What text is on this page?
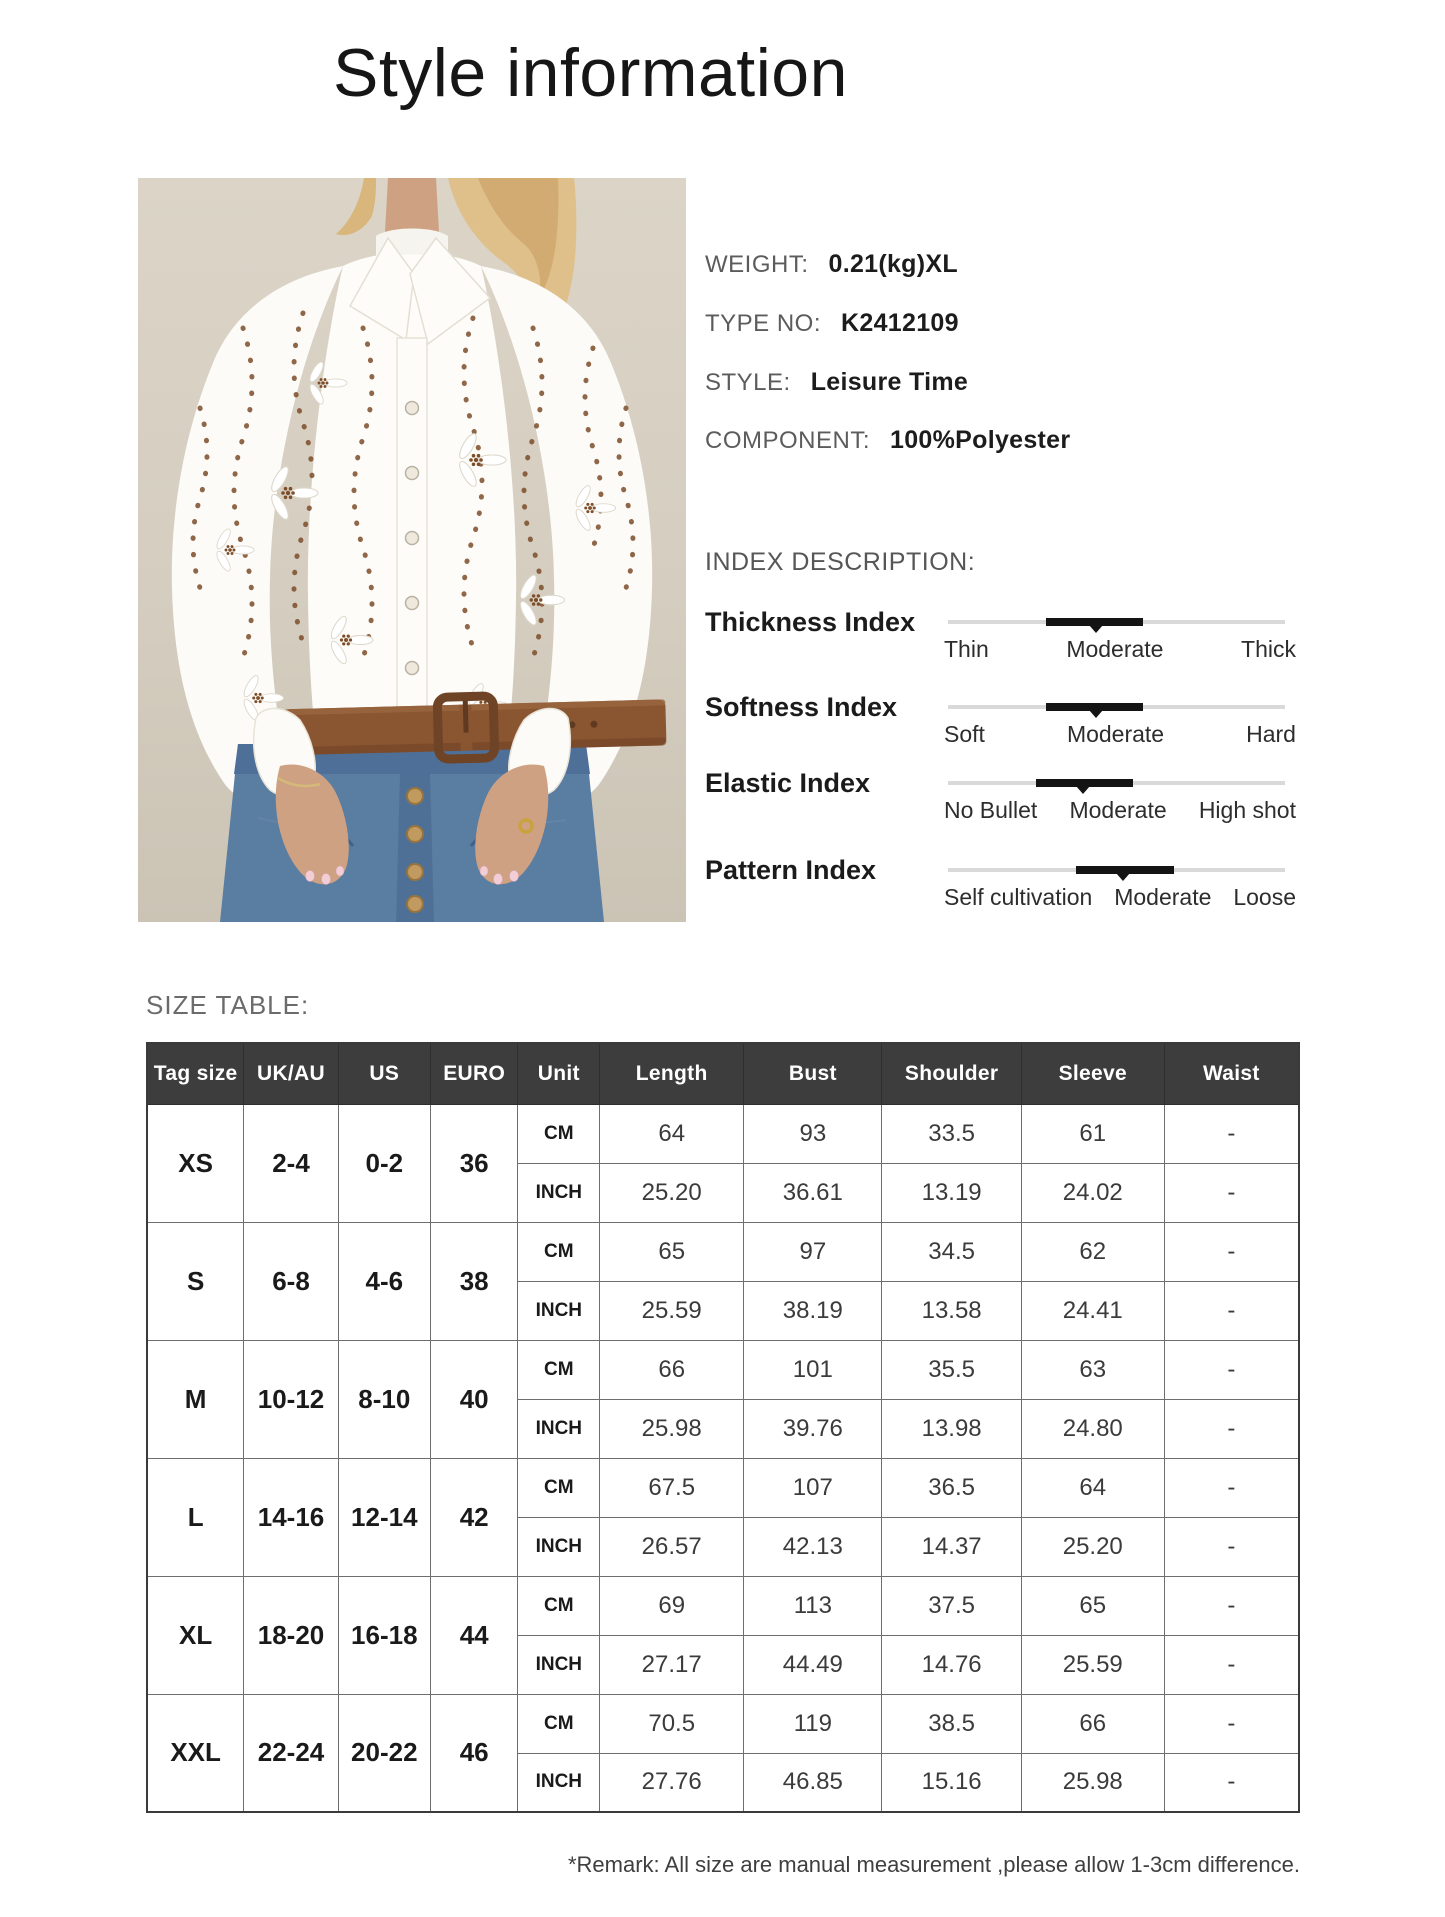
Style information
WEIGHT: 0.21(kg)XL
TYPE NO: K2412109
STYLE: Leisure Time
COMPONENT: 100%Polyester
INDEX DESCRIPTION:
Thickness Index
Thin	Moderate	Thick
Softness Index
Soft	Moderate	Hard
Elastic Index
No Bullet Moderate High shot
Pattern Index
Self cultivation Moderate Loose
SIZE TABLE:
Tag size	UK/AU	US	EURO	Unit	Length	Bust	Shoulder	Sleeve	Waist
XS	2-4	0-2	36	CM	64	93	33.5	61	-
				INCH	25.20	36.61	13.19	24.02	-
S	6-8	4-6	38	CM	65	97	34.5	62	-
				INCH	25.59	38.19	13.58	24.41	-
M	10-12	8-10	40	CM	66	101	35.5	63	-
				INCH	25.98	39.76	13.98	24.80	-
L	14-16	12-14	42	CM	67.5	107	36.5	64	-
				INCH	26.57	42.13	14.37	25.20	-
XL	18-20	16-18	44	CM	69	113	37.5	65	-
				INCH	27.17	44.49	14.76	25.59	-
XXL	22-24	20-22	46	CM	70.5	119	38.5	66	-
				INCH	27.76	46.85	15.16	25.98	-
*Remark: All size are manual measurement ,please allow 1-3cm difference.
